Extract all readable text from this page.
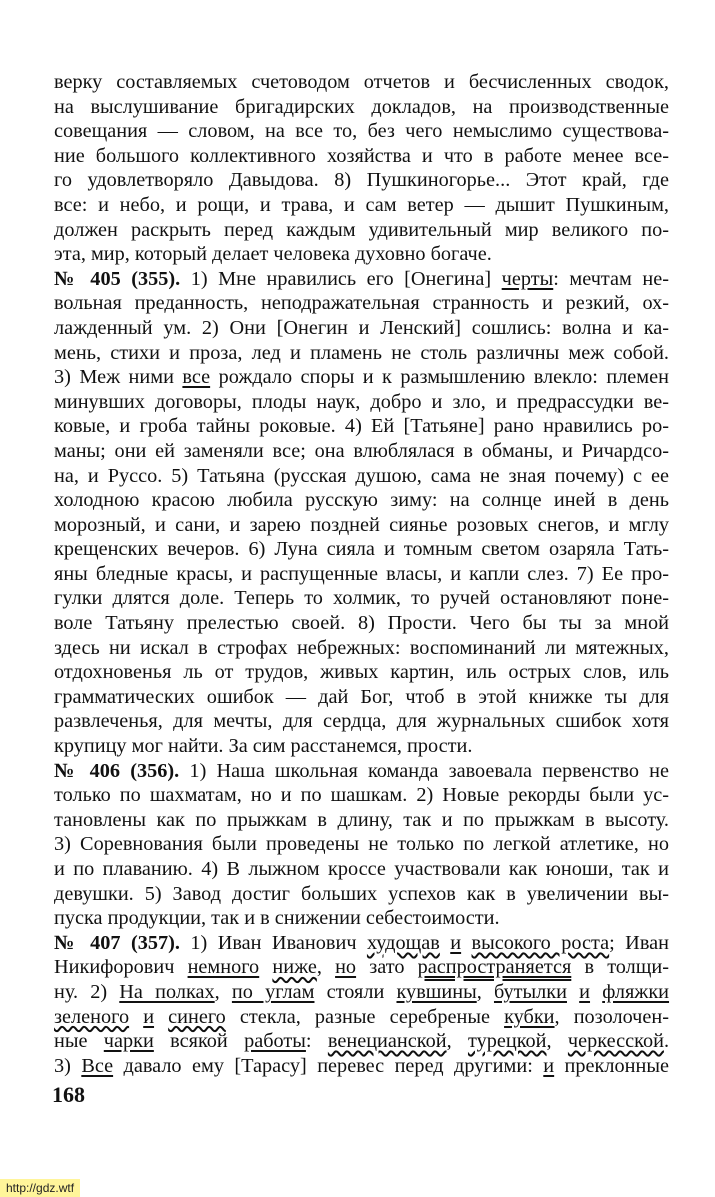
верку составляемых счетоводом отчетов и бесчисленных сводок,
на выслушивание бригадирских докладов, на производственные
совещания — словом, на все то, без чего немыслимо существова-
ние большого коллективного хозяйства и что в работе менее все-
го удовлетворяло Давыдова. 8) Пушкиногорье... Этот край, где
все: и небо, и рощи, и трава, и сам ветер — дышит Пушкиным,
должен раскрыть перед каждым удивительный мир великого по-
эта, мир, который делает человека духовно богаче.
№ 405 (355). 1) Мне нравились его [Онегина] черты: мечтам не-
вольная преданность, неподражательная странность и резкий, ох-
лажденный ум. 2) Они [Онегин и Ленский] сошлись: волна и ка-
мень, стихи и проза, лед и пламень не столь различны меж собой.
3) Меж ними все рождало споры и к размышлению влекло: племен
минувших договоры, плоды наук, добро и зло, и предрассудки ве-
ковые, и гроба тайны роковые. 4) Ей [Татьяне] рано нравились ро-
маны; они ей заменяли все; она влюблялася в обманы, и Ричардсо-
на, и Руссо. 5) Татьяна (русская душою, сама не зная почему) с ее
холодною красою любила русскую зиму: на солнце иней в день
морозный, и сани, и зарею поздней сиянье розовых снегов, и мглу
крещенских вечеров. 6) Луна сияла и томным светом озаряла Тать-
яны бледные красы, и распущенные власы, и капли слез. 7) Ее про-
гулки длятся доле. Теперь то холмик, то ручей остановляют поне-
воле Татьяну прелестью своей. 8) Прости. Чего бы ты за мной
здесь ни искал в строфах небрежных: воспоминаний ли мятежных,
отдохновенья ль от трудов, живых картин, иль острых слов, иль
грамматических ошибок — дай Бог, чтоб в этой книжке ты для
развлеченья, для мечты, для сердца, для журнальных сшибок хотя
крупицу мог найти. За сим расстанемся, прости.
№ 406 (356). 1) Наша школьная команда завоевала первенство не
только по шахматам, но и по шашкам. 2) Новые рекорды были ус-
тановлены как по прыжкам в длину, так и по прыжкам в высоту.
3) Соревнования были проведены не только по легкой атлетике, но
и по плаванию. 4) В лыжном кроссе участвовали как юноши, так и
девушки. 5) Завод достиг больших успехов как в увеличении вы-
пуска продукции, так и в снижении себестоимости.
№ 407 (357). 1) Иван Иванович худощав и высокого роста; Иван
Никифорович немного ниже, но зато распространяется в толщи-
ну. 2) На полках, по углам стояли кувшины, бутылки и фляжки
зеленого и синего стекла, разные серебреные кубки, позолочен-
ные чарки всякой работы: венецианской, турецкой, черкесской.
3) Все давало ему [Тарасу] перевес перед другими: и преклонные
168
http://gdz.wtf
